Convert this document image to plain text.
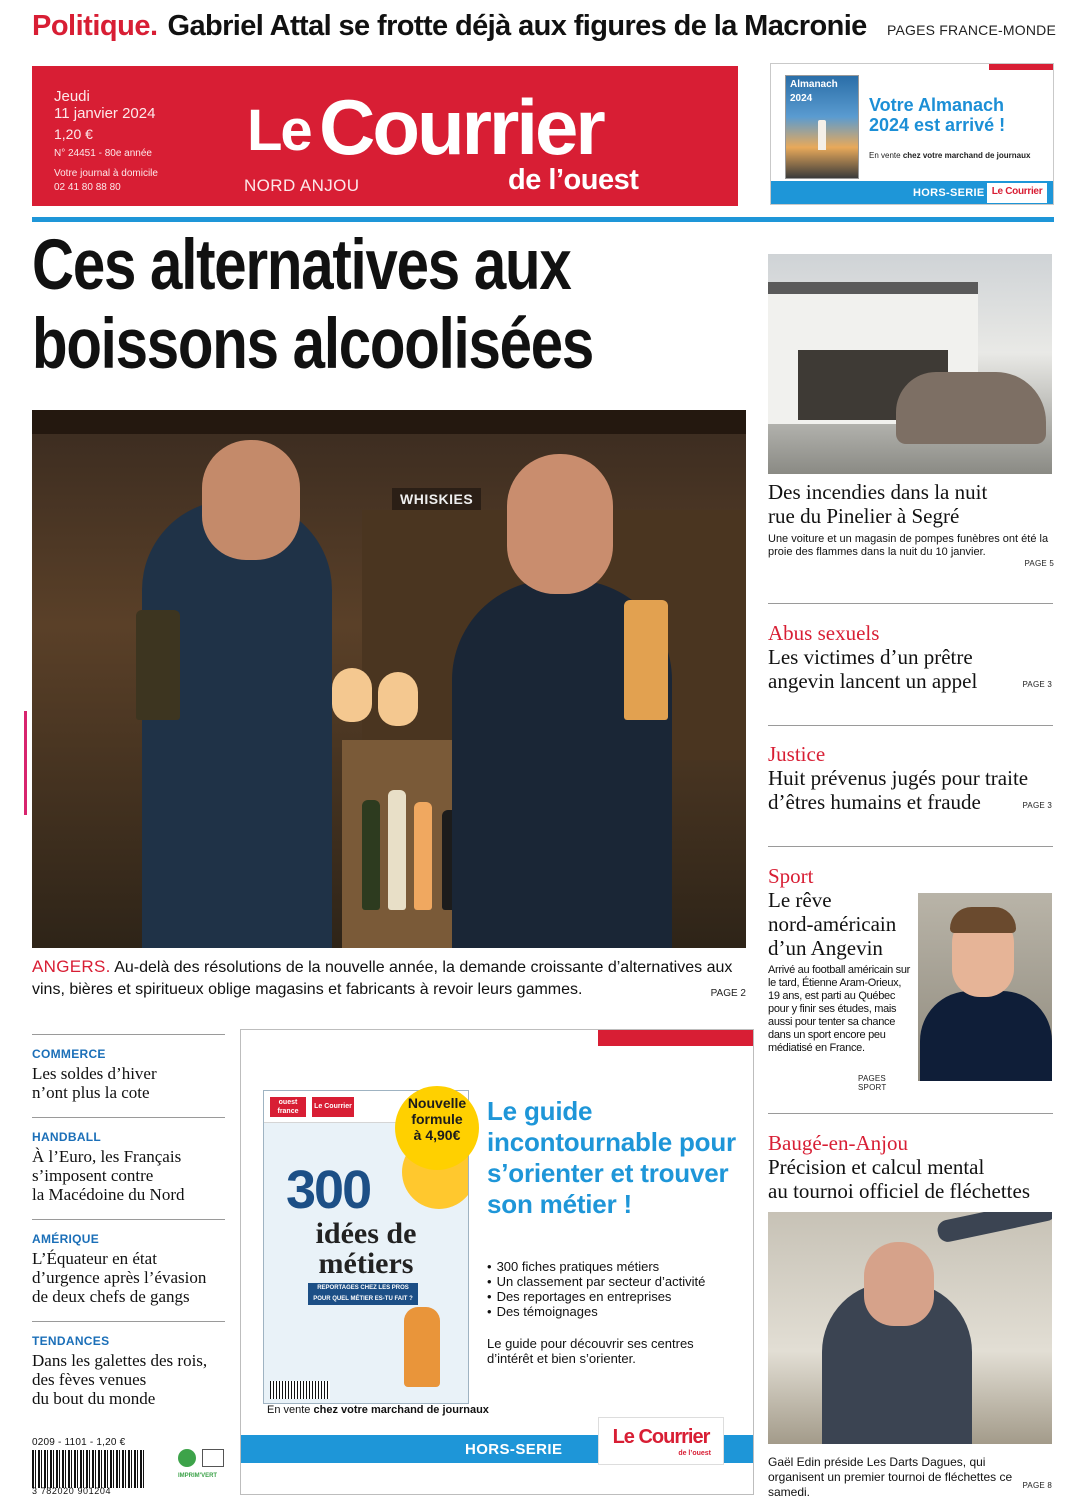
Politique. Gabriel Attal se frotte déjà aux figures de la Macronie PAGES FRANCE-MONDE
Jeudi
11 janvier 2024
1,20 €
N° 24451 - 80e année
Votre journal à domicile
02 41 80 88 80
Le Courrier
de l’ouest
NORD ANJOU
Almanach
2024	Votre Almanach 2024 est arrivé !
En vente chez votre marchand de journaux
HORS-SERIE Le Courrier
Ces alternatives aux
boissons alcoolisées
WHISKIES
ANGERS. Au-delà des résolutions de la nouvelle année, la demande croissante d’alternatives aux vins, bières et spiritueux oblige magasins et fabricants à revoir leurs gammes.	PAGE 2
Des incendies dans la nuit
rue du Pinelier à Segré
Une voiture et un magasin de pompes funèbres ont été la proie des flammes dans la nuit du 10 janvier.
PAGE 5
Abus sexuels
Les victimes d’un prêtre
angevin lancent un appel	PAGE 3
Justice
Huit prévenus jugés pour traite
d’êtres humains et fraude	PAGE 3
Sport
Le rêve
nord-américain
d’un Angevin
Arrivé au football américain sur le tard, Étienne Aram-Orieux, 19 ans, est parti au Québec pour y finir ses études, mais aussi pour tenter sa chance dans un sport encore peu médiatisé en France.
PAGES SPORT
Baugé-en-Anjou
Précision et calcul mental
au tournoi officiel de fléchettes
Gaël Edin préside Les Darts Dagues, qui organisent un premier tournoi de fléchettes ce samedi.	PAGE 8
COMMERCE
Les soldes d’hiver
n’ont plus la cote
HANDBALL
À l’Euro, les Français
s’imposent contre
la Macédoine du Nord
AMÉRIQUE
L’Équateur en état
d’urgence après l’évasion
de deux chefs de gangs
TENDANCES
Dans les galettes des rois,
des fèves venues
du bout du monde
ouest france
Le Courrier
300
idées de métiers
REPORTAGES CHEZ LES PROS POUR QUEL MÉTIER ES-TU FAIT ?
Nouvelle
formule
à 4,90€
Le guide incontournable pour s’orienter et trouver son métier !
• 300 fiches pratiques métiers
• Un classement par secteur d’activité
• Des reportages en entreprises
• Des témoignages
Le guide pour découvrir ses centres d’intérêt et bien s’orienter.
En vente chez votre marchand de journaux
HORS-SERIE
Le Courrier
de l’ouest
0209 - 1101 - 1,20 €
3 782020 901204
IMPRIM'VERT
